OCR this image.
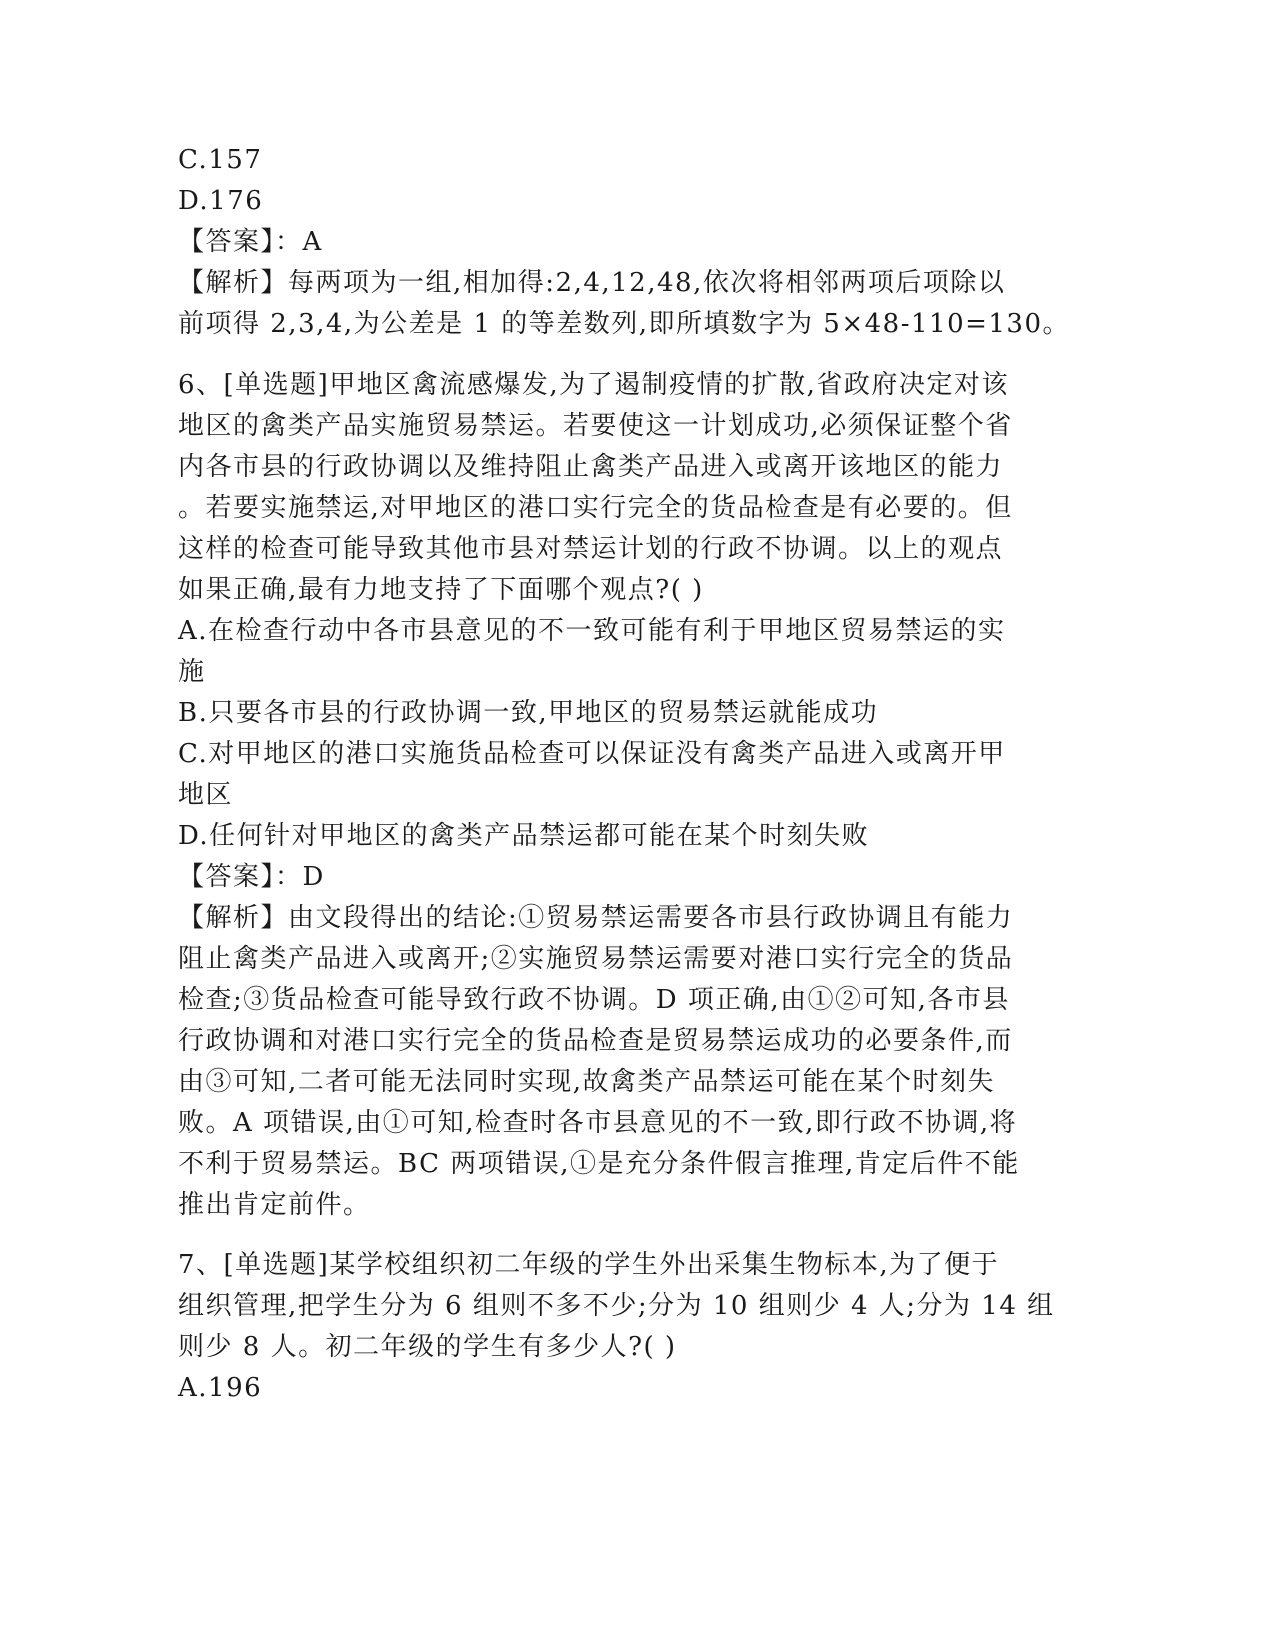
C.157
D.176
【答案】：A
【解析】每两项为一组,相加得:2,4,12,48,依次将相邻两项后项除以
前项得 2,3,4,为公差是 1 的等差数列,即所填数字为 5×48-110=130。
6、[单选题]甲地区禽流感爆发,为了遏制疫情的扩散,省政府决定对该
地区的禽类产品实施贸易禁运。若要使这一计划成功,必须保证整个省
内各市县的行政协调以及维持阻止禽类产品进入或离开该地区的能力
。若要实施禁运,对甲地区的港口实行完全的货品检查是有必要的。但
这样的检查可能导致其他市县对禁运计划的行政不协调。以上的观点
如果正确,最有力地支持了下面哪个观点?( )
A.在检查行动中各市县意见的不一致可能有利于甲地区贸易禁运的实
施
B.只要各市县的行政协调一致,甲地区的贸易禁运就能成功
C.对甲地区的港口实施货品检查可以保证没有禽类产品进入或离开甲
地区
D.任何针对甲地区的禽类产品禁运都可能在某个时刻失败
【答案】：D
【解析】由文段得出的结论:①贸易禁运需要各市县行政协调且有能力
阻止禽类产品进入或离开;②实施贸易禁运需要对港口实行完全的货品
检查;③货品检查可能导致行政不协调。D 项正确,由①②可知,各市县
行政协调和对港口实行完全的货品检查是贸易禁运成功的必要条件,而
由③可知,二者可能无法同时实现,故禽类产品禁运可能在某个时刻失
败。A 项错误,由①可知,检查时各市县意见的不一致,即行政不协调,将
不利于贸易禁运。BC 两项错误,①是充分条件假言推理,肯定后件不能
推出肯定前件。
7、[单选题]某学校组织初二年级的学生外出采集生物标本,为了便于
组织管理,把学生分为 6 组则不多不少;分为 10 组则少 4 人;分为 14 组
则少 8 人。初二年级的学生有多少人?( )
A.196
